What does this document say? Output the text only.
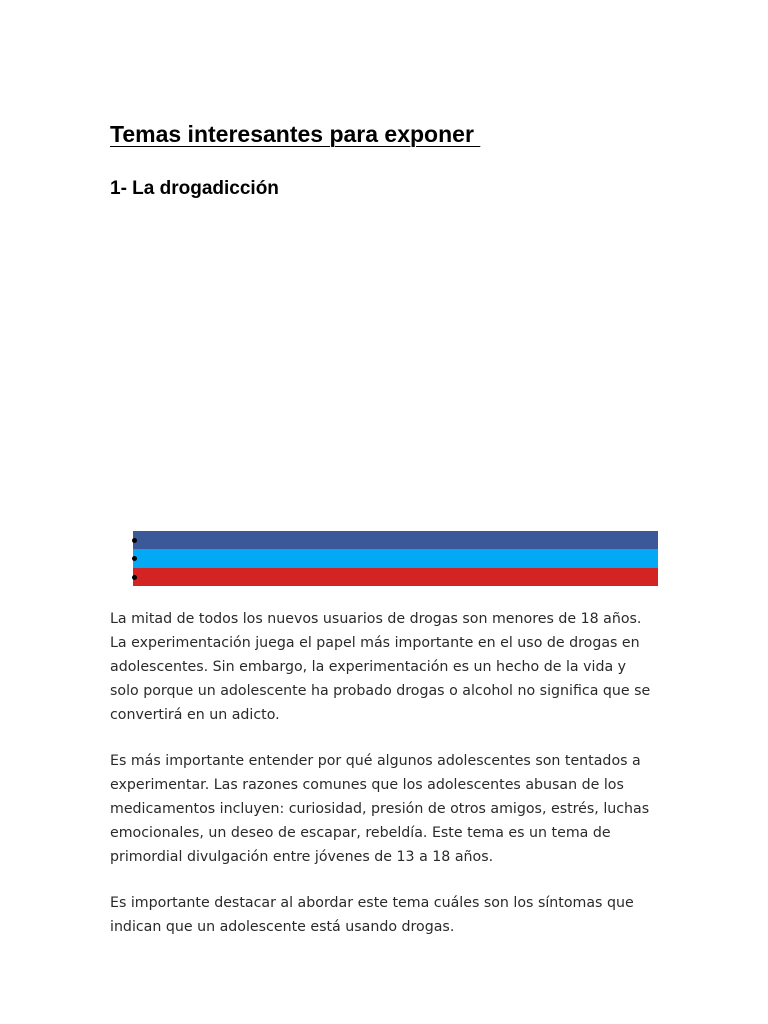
Temas interesantes para exponer
1- La drogadicción

La mitad de todos los nuevos usuarios de drogas son menores de 18 años. La experimentación juega el papel más importante en el uso de drogas en adolescentes. Sin embargo, la experimentación es un hecho de la vida y solo porque un adolescente ha probado drogas o alcohol no significa que se convertirá en un adicto.

Es más importante entender por qué algunos adolescentes son tentados a experimentar. Las razones comunes que los adolescentes abusan de los medicamentos incluyen: curiosidad, presión de otros amigos, estrés, luchas emocionales, un deseo de escapar, rebeldía. Este tema es un tema de primordial divulgación entre jóvenes de 13 a 18 años.

Es importante destacar al abordar este tema cuáles son los síntomas que indican que un adolescente está usando drogas.
